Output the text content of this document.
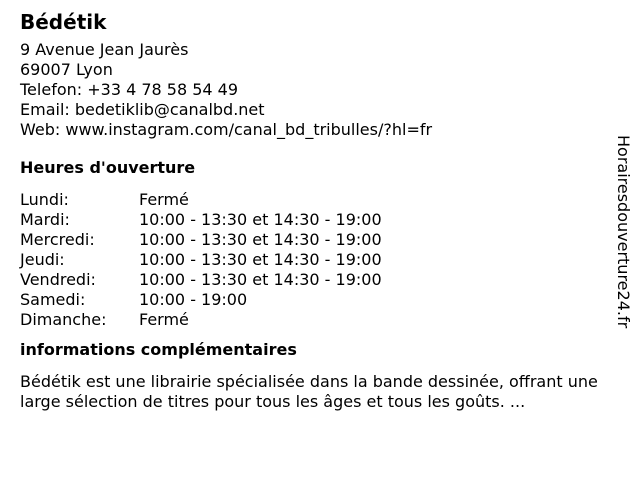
Bédétik
9 Avenue Jean Jaurès
69007 Lyon
Telefon: +33 4 78 58 54 49
Email: bedetiklib@canalbd.net
Web: www.instagram.com/canal_bd_tribulles/?hl=fr
Heures d'ouverture
Lundi:	Fermé
Mardi:	10:00 - 13:30 et 14:30 - 19:00
Mercredi:	10:00 - 13:30 et 14:30 - 19:00
Jeudi:	10:00 - 13:30 et 14:30 - 19:00
Vendredi:	10:00 - 13:30 et 14:30 - 19:00
Samedi:	10:00 - 19:00
Dimanche:	Fermé
informations complémentaires

Bédétik est une librairie spécialisée dans la bande dessinée, offrant une large sélection de titres pour tous les âges et tous les goûts. ...

Horairesdouverture24.fr
